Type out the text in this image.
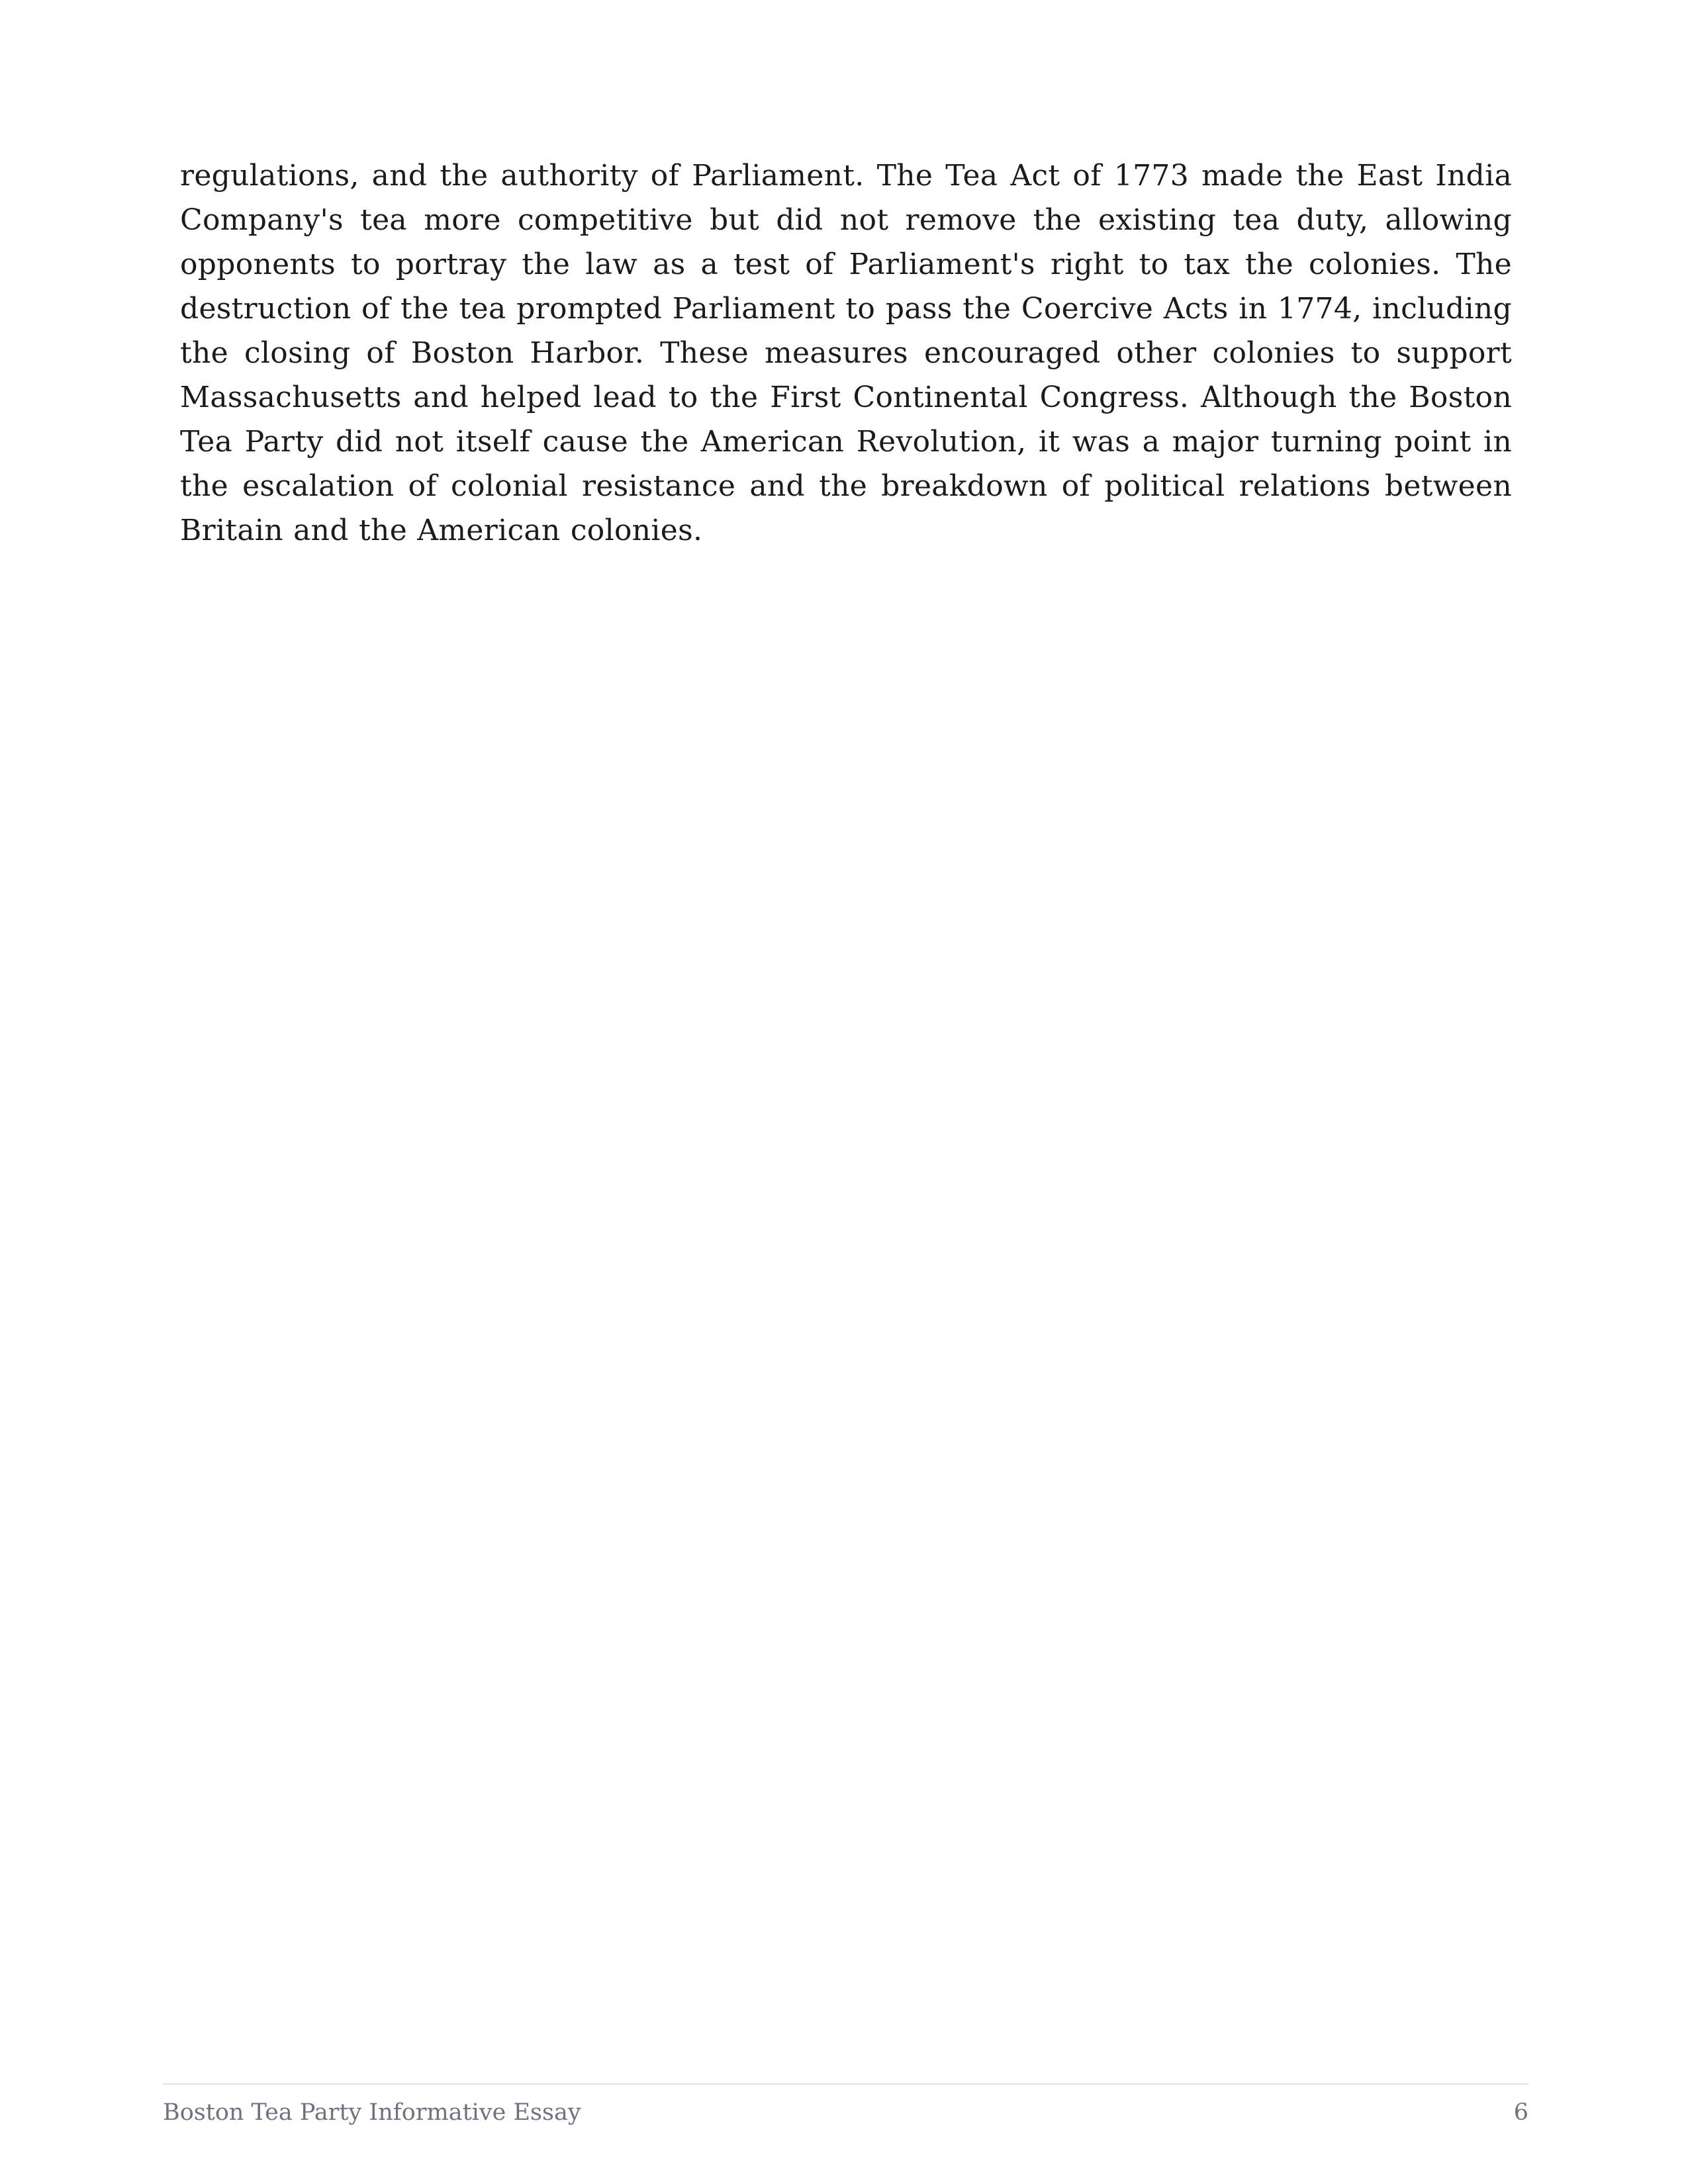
regulations, and the authority of Parliament. The Tea Act of 1773 made the East India Company's tea more competitive but did not remove the existing tea duty, allowing opponents to portray the law as a test of Parliament's right to tax the colonies. The destruction of the tea prompted Parliament to pass the Coercive Acts in 1774, including the closing of Boston Harbor. These measures encouraged other colonies to support Massachusetts and helped lead to the First Continental Congress. Although the Boston Tea Party did not itself cause the American Revolution, it was a major turning point in the escalation of colonial resistance and the breakdown of political relations between Britain and the American colonies.

Boston Tea Party Informative Essay	6
